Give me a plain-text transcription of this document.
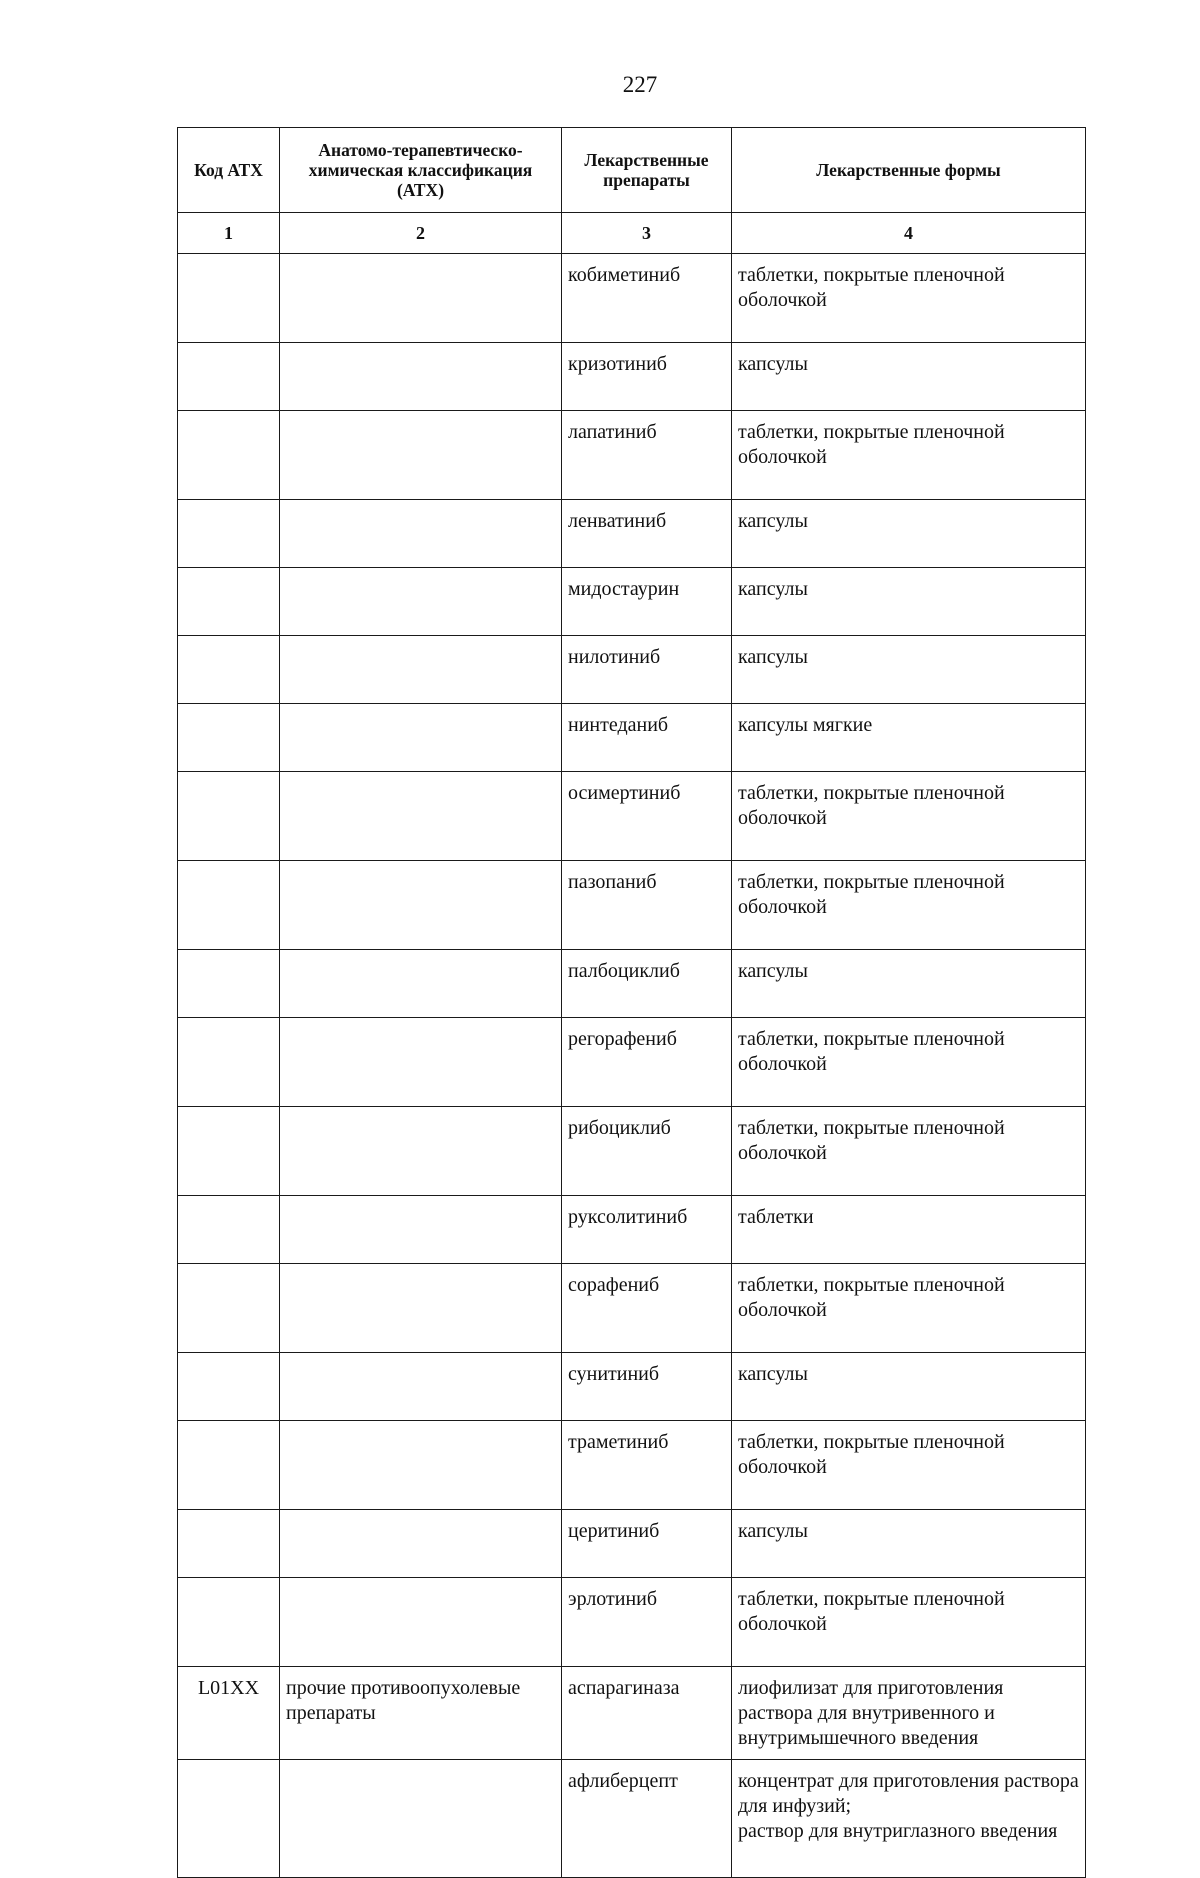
227
Код АТХ	Анатомо-терапевтическо-химическая классификация (АТХ)	Лекарственные препараты	Лекарственные формы
1	2	3	4
		кобиметиниб	таблетки, покрытые пленочной оболочкой
		кризотиниб	капсулы
		лапатиниб	таблетки, покрытые пленочной оболочкой
		ленватиниб	капсулы
		мидостаурин	капсулы
		нилотиниб	капсулы
		нинтеданиб	капсулы мягкие
		осимертиниб	таблетки, покрытые пленочной оболочкой
		пазопаниб	таблетки, покрытые пленочной оболочкой
		палбоциклиб	капсулы
		регорафениб	таблетки, покрытые пленочной оболочкой
		рибоциклиб	таблетки, покрытые пленочной оболочкой
		руксолитиниб	таблетки
		сорафениб	таблетки, покрытые пленочной оболочкой
		сунитиниб	капсулы
		траметиниб	таблетки, покрытые пленочной оболочкой
		церитиниб	капсулы
		эрлотиниб	таблетки, покрытые пленочной оболочкой
L01XX	прочие противоопухолевые препараты	аспарагиназа	лиофилизат для приготовления раствора для внутривенного и внутримышечного введения
		афлиберцепт	концентрат для приготовления раствора для инфузий;
раствор для внутриглазного введения
